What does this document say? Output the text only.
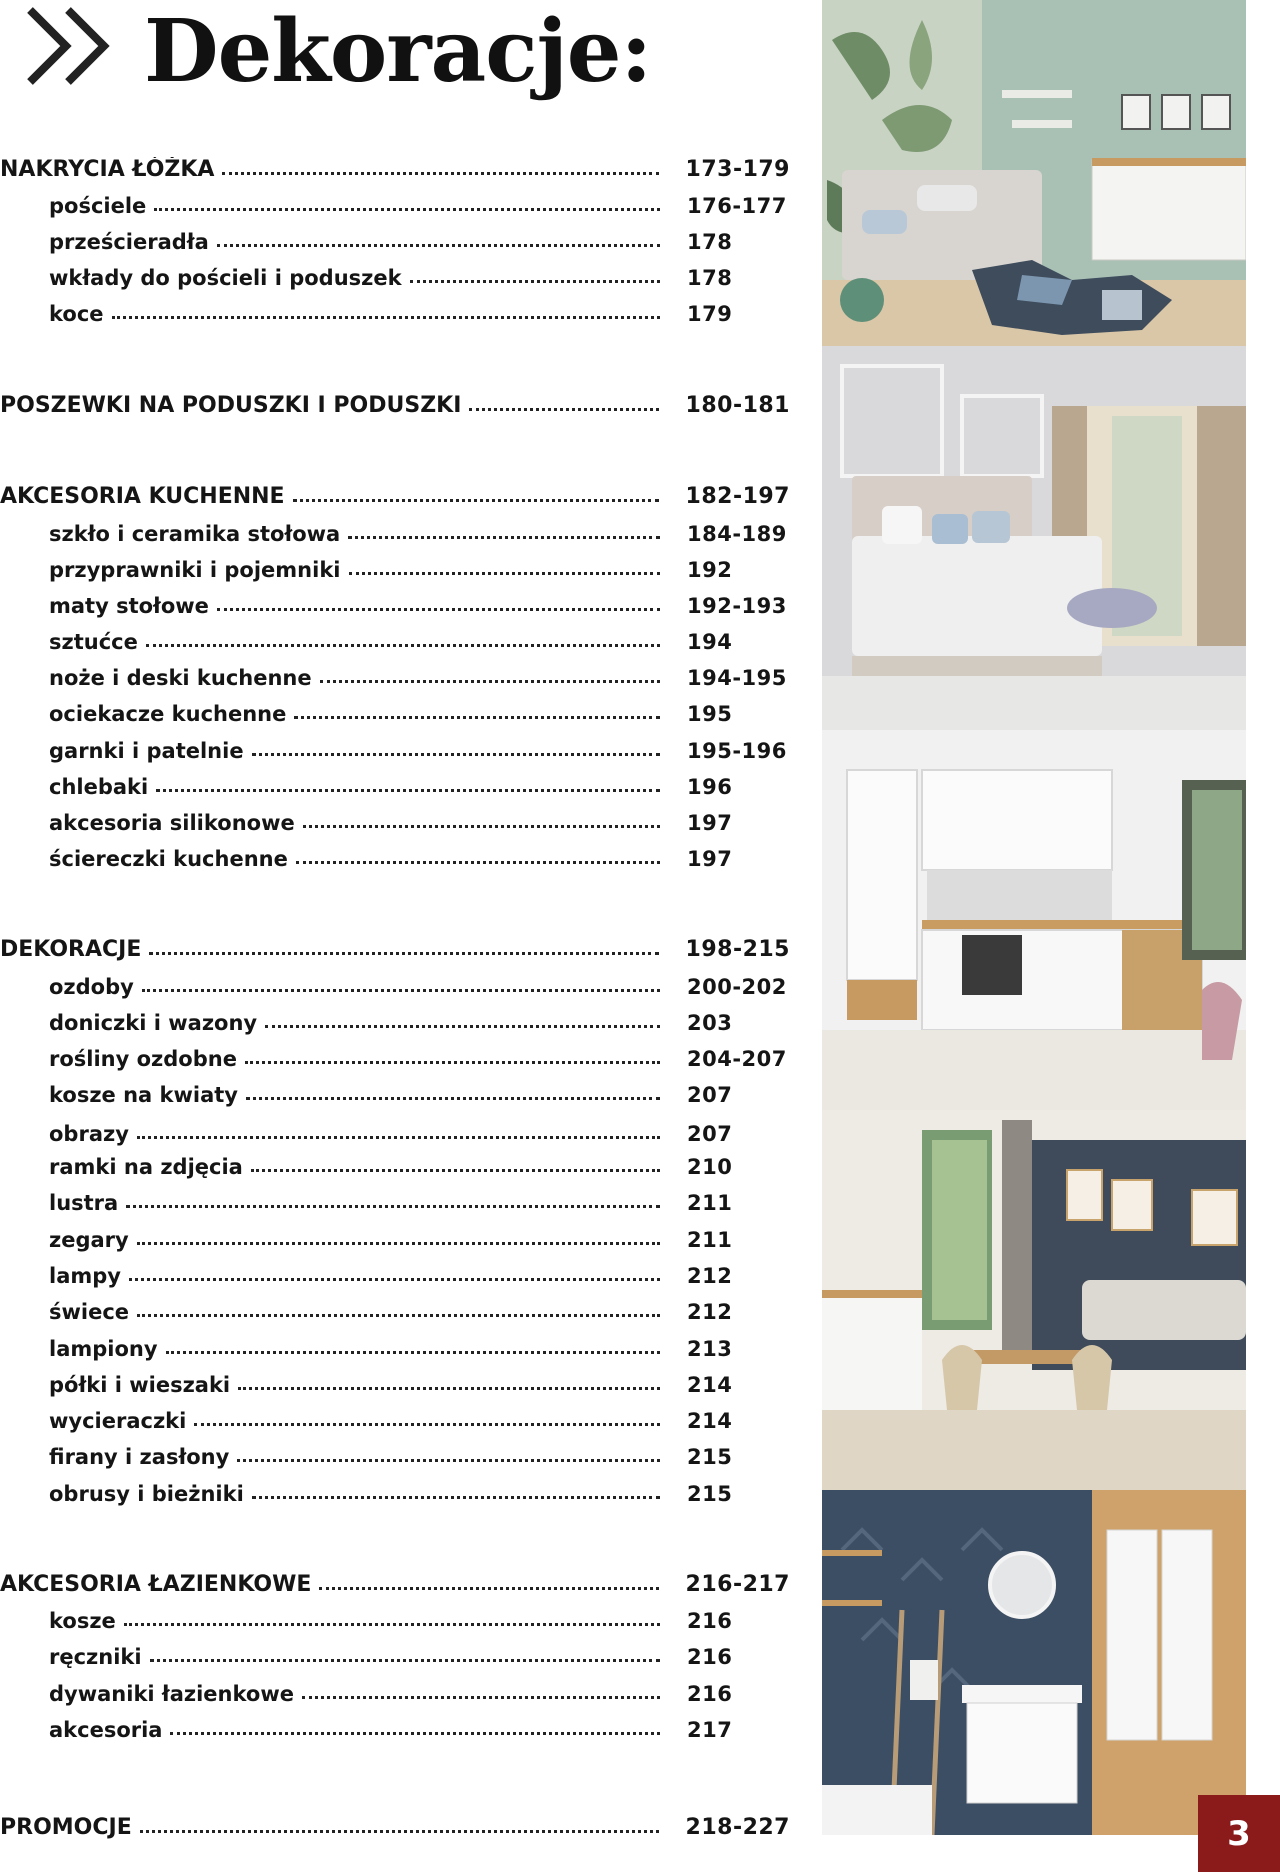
Dekoracje:
NAKRYCIA ŁÓŻKA	173-179
pościele	176-177
prześcieradła	178
wkłady do pościeli i poduszek	178
koce	179
POSZEWKI NA PODUSZKI I PODUSZKI	180-181
AKCESORIA KUCHENNE	182-197
szkło i ceramika stołowa	184-189
przyprawniki i pojemniki	192
maty stołowe	192-193
sztućce	194
noże i deski kuchenne	194-195
ociekacze kuchenne	195
garnki i patelnie	195-196
chlebaki	196
akcesoria silikonowe	197
ściereczki kuchenne	197
DEKORACJE	198-215
ozdoby	200-202
doniczki i wazony	203
rośliny ozdobne	204-207
kosze na kwiaty	207
obrazy	207
ramki na zdjęcia	210
lustra	211
zegary	211
lampy	212
świece	212
lampiony	213
półki i wieszaki	214
wycieraczki	214
firany i zasłony	215
obrusy i bieżniki	215
AKCESORIA ŁAZIENKOWE	216-217
kosze	216
ręczniki	216
dywaniki łazienkowe	216
akcesoria	217
PROMOCJE	218-227	3
